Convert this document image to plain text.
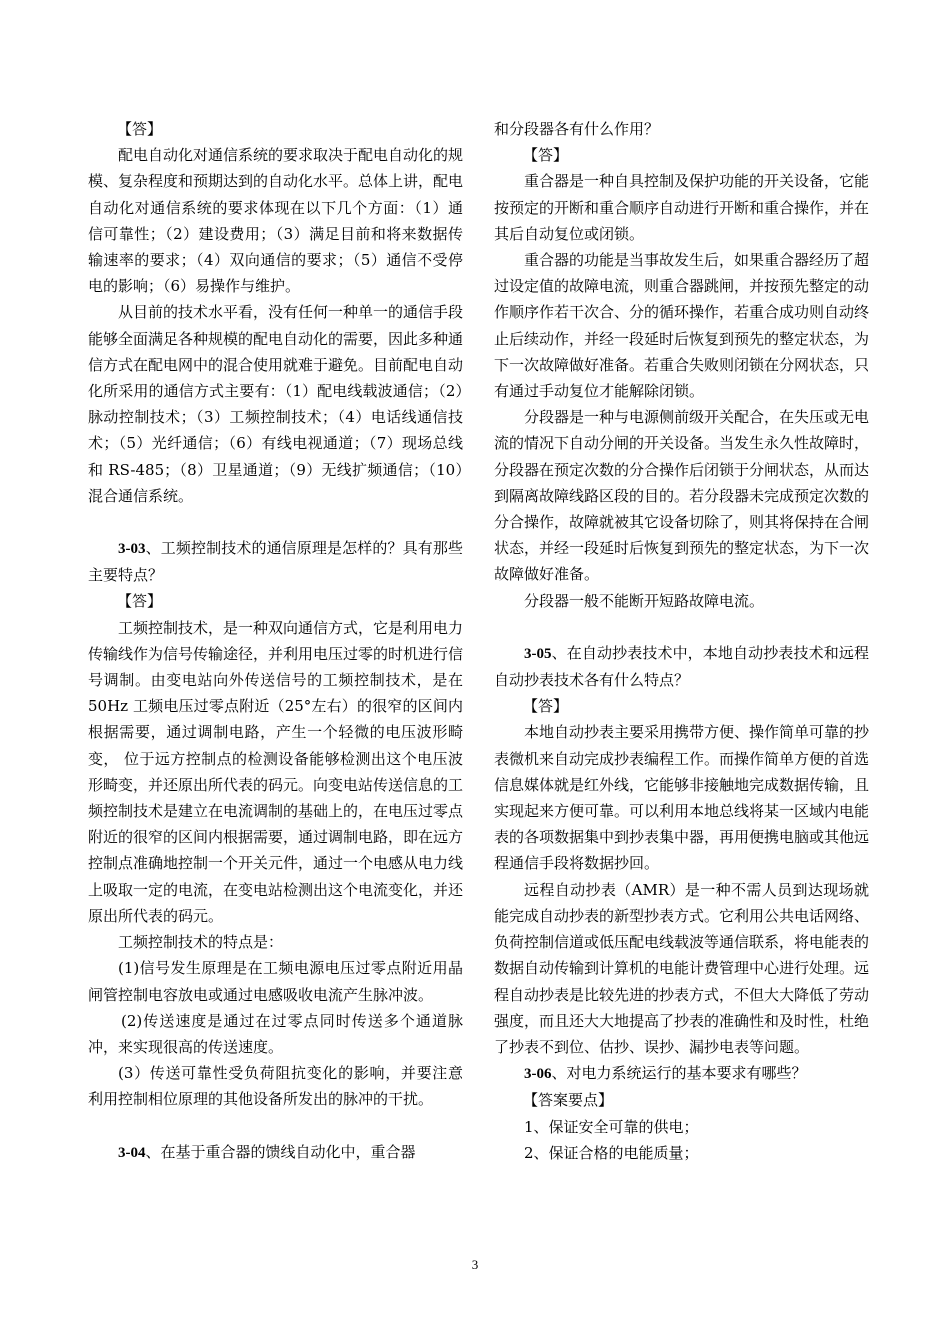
【答】

配电自动化对通信系统的要求取决于配电自动化的规模、复杂程度和预期达到的自动化水平。总体上讲，配电自动化对通信系统的要求体现在以下几个方面：（1）通信可靠性；（2）建设费用；（3）满足目前和将来数据传输速率的要求；（4）双向通信的要求；（5）通信不受停电的影响；（6）易操作与维护。

从目前的技术水平看，没有任何一种单一的通信手段能够全面满足各种规模的配电自动化的需要，因此多种通信方式在配电网中的混合使用就难于避免。目前配电自动化所采用的通信方式主要有：（1）配电线载波通信；（2）脉动控制技术；（3）工频控制技术；（4）电话线通信技术；（5）光纤通信；（6）有线电视通道；（7）现场总线和 RS-485；（8）卫星通道；（9）无线扩频通信；（10）混合通信系统。

3-03、工频控制技术的通信原理是怎样的？具有那些主要特点？

【答】

工频控制技术，是一种双向通信方式，它是利用电力传输线作为信号传输途径，并利用电压过零的时机进行信号调制。由变电站向外传送信号的工频控制技术，是在 50Hz 工频电压过零点附近（25°左右）的很窄的区间内根据需要，通过调制电路，产生一个轻微的电压波形畸变， 位于远方控制点的检测设备能够检测出这个电压波形畸变，并还原出所代表的码元。向变电站传送信息的工频控制技术是建立在电流调制的基础上的，在电压过零点附近的很窄的区间内根据需要，通过调制电路，即在远方控制点准确地控制一个开关元件，通过一个电感从电力线上吸取一定的电流，在变电站检测出这个电流变化，并还原出所代表的码元。

工频控制技术的特点是：

(1)信号发生原理是在工频电源电压过零点附近用晶闸管控制电容放电或通过电感吸收电流产生脉冲波。

(2)传送速度是通过在过零点同时传送多个通道脉冲，来实现很高的传送速度。

(3）传送可靠性受负荷阻抗变化的影响，并要注意利用控制相位原理的其他设备所发出的脉冲的干扰。

3-04、在基于重合器的馈线自动化中，重合器

和分段器各有什么作用？

【答】

重合器是一种自具控制及保护功能的开关设备，它能按预定的开断和重合顺序自动进行开断和重合操作，并在其后自动复位或闭锁。

重合器的功能是当事故发生后，如果重合器经历了超过设定值的故障电流，则重合器跳闸，并按预先整定的动作顺序作若干次合、分的循环操作，若重合成功则自动终止后续动作，并经一段延时后恢复到预先的整定状态，为下一次故障做好准备。若重合失败则闭锁在分网状态，只有通过手动复位才能解除闭锁。

分段器是一种与电源侧前级开关配合，在失压或无电流的情况下自动分闸的开关设备。当发生永久性故障时，分段器在预定次数的分合操作后闭锁于分闸状态，从而达到隔离故障线路区段的目的。若分段器未完成预定次数的分合操作，故障就被其它设备切除了，则其将保持在合闸状态，并经一段延时后恢复到预先的整定状态，为下一次故障做好准备。

分段器一般不能断开短路故障电流。

3-05、在自动抄表技术中，本地自动抄表技术和远程自动抄表技术各有什么特点？

【答】

本地自动抄表主要采用携带方便、操作简单可靠的抄表微机来自动完成抄表编程工作。而操作简单方便的首选信息媒体就是红外线，它能够非接触地完成数据传输，且实现起来方便可靠。可以利用本地总线将某一区域内电能表的各项数据集中到抄表集中器，再用便携电脑或其他远程通信手段将数据抄回。

远程自动抄表（AMR）是一种不需人员到达现场就能完成自动抄表的新型抄表方式。它利用公共电话网络、负荷控制信道或低压配电线载波等通信联系，将电能表的数据自动传输到计算机的电能计费管理中心进行处理。远程自动抄表是比较先进的抄表方式，不但大大降低了劳动强度，而且还大大地提高了抄表的准确性和及时性，杜绝了抄表不到位、估抄、误抄、漏抄电表等问题。

3-06、对电力系统运行的基本要求有哪些？

【答案要点】

1、保证安全可靠的供电；

2、保证合格的电能质量；

3
